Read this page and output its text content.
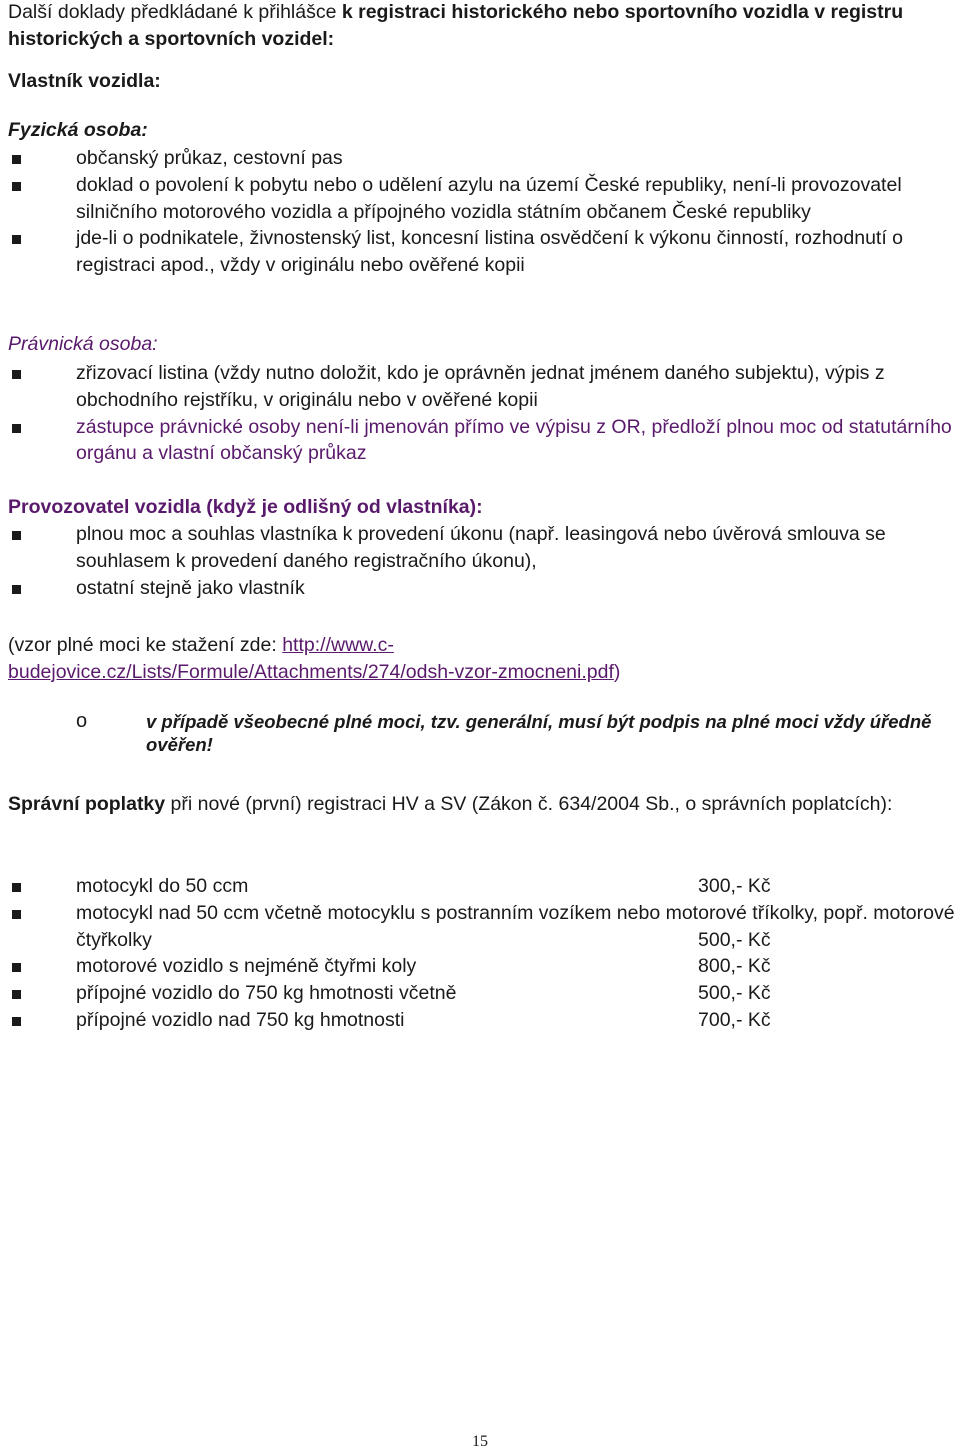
Další doklady předkládané k přihlášce k registraci historického nebo sportovního vozidla v registru historických a sportovních vozidel:

Vlastník vozidla:

Fyzická osoba:

občanský průkaz, cestovní pas
doklad o povolení k pobytu nebo o udělení azylu na území České republiky, není-li provozovatel silničního motorového vozidla a přípojného vozidla státním občanem České republiky
jde-li o podnikatele, živnostenský list, koncesní listina osvědčení k výkonu činností, rozhodnutí o registraci apod., vždy v originálu nebo ověřené kopii

Právnická osoba:

zřizovací listina (vždy nutno doložit, kdo je oprávněn jednat jménem daného subjektu), výpis z obchodního rejstříku, v originálu nebo v ověřené kopii
zástupce právnické osoby není-li jmenován přímo ve výpisu z OR, předloží plnou moc od statutárního orgánu a vlastní občanský průkaz

Provozovatel vozidla (když je odlišný od vlastníka):

plnou moc a souhlas vlastníka k provedení úkonu (např. leasingová nebo úvěrová smlouva se souhlasem k provedení daného registračního úkonu),
ostatní stejně jako vlastník

(vzor plné moci ke stažení zde: http://www.c-
budejovice.cz/Lists/Formule/Attachments/274/odsh-vzor-zmocneni.pdf)

o	v případě všeobecné plné moci, tzv. generální, musí být podpis na plné moci vždy úředně ověřen!

Správní poplatky při nové (první) registraci HV a SV (Zákon č. 634/2004 Sb., o správních poplatcích):

motocykl do 50 ccm	300,- Kč
motocykl nad 50 ccm včetně motocyklu s postranním vozíkem nebo motorové tříkolky, popř. motorové čtyřkolky	500,- Kč
motorové vozidlo s nejméně čtyřmi koly	800,- Kč
přípojné vozidlo do 750 kg hmotnosti včetně	500,- Kč
přípojné vozidlo nad 750 kg hmotnosti	700,- Kč
15
